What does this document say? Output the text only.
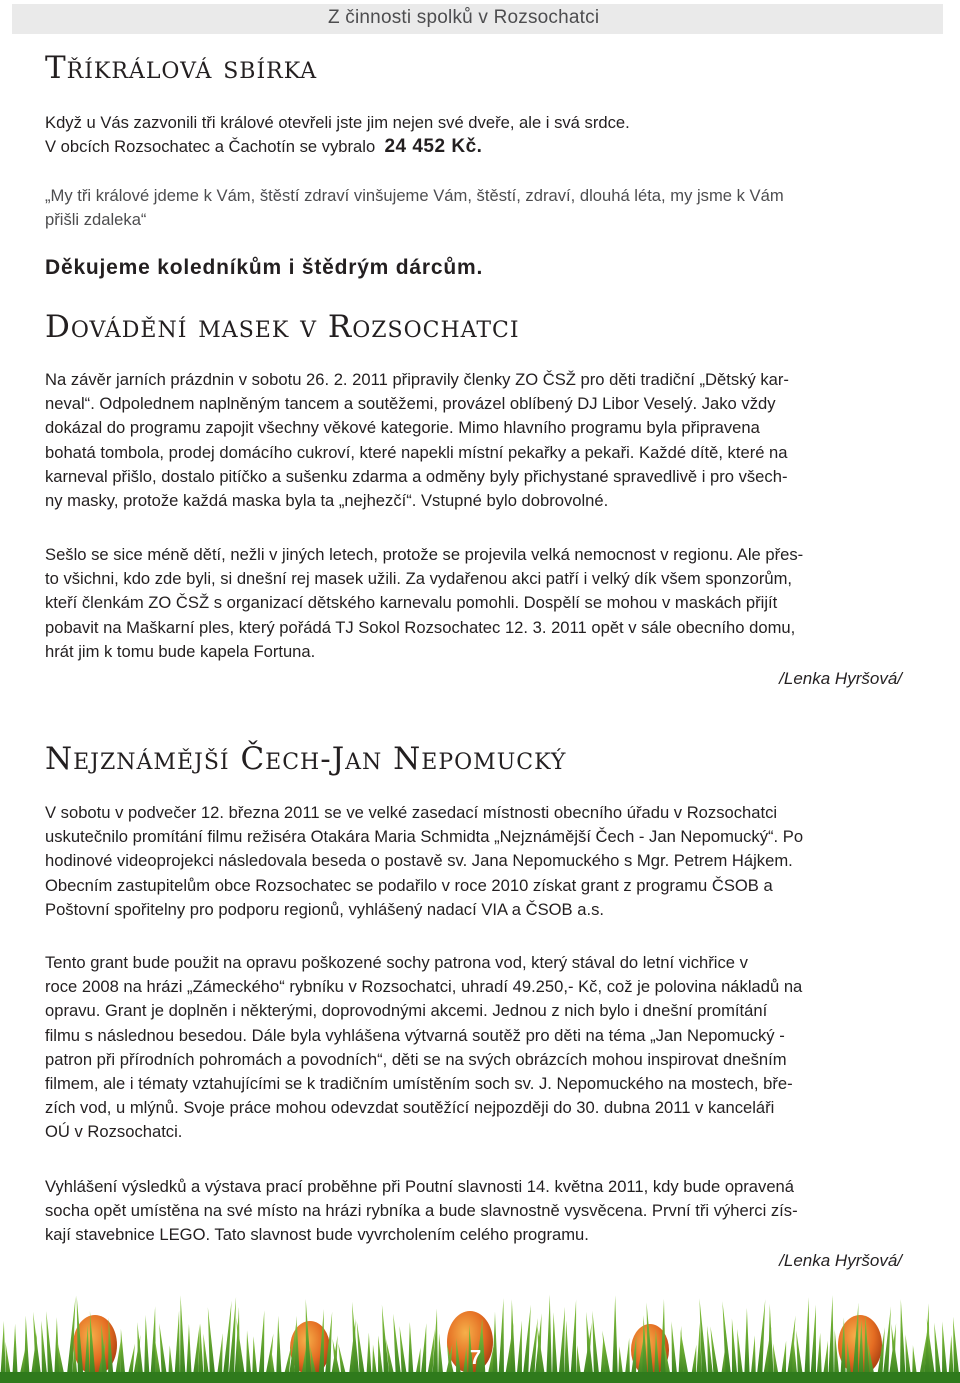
Z činnosti spolků v Rozsochatci
Tříkrálová sbírka
Když u Vás zazvonili tři králové otevřeli jste jim nejen své dveře, ale i svá srdce.
V obcích Rozsochatec a Čachotín se vybralo 24 452 Kč.
„My tři králové jdeme k Vám, štěstí zdraví vinšujeme Vám, štěstí, zdraví, dlouhá léta, my jsme k Vám
přišli zdaleka“
Děkujeme koledníkům i štědrým dárcům.
Dovádění masek v Rozsochatci
Na závěr jarních prázdnin v sobotu 26. 2. 2011 připravily členky ZO ČSŽ pro děti tradiční „Dětský kar-
neval“. Odpolednem naplněným tancem a soutěžemi, provázel oblíbený DJ Libor Veselý. Jako vždy
dokázal do programu zapojit všechny věkové kategorie. Mimo hlavního programu byla připravena
bohatá tombola, prodej domácího cukroví, které napekli místní pekařky a pekaři. Každé dítě, které na
karneval přišlo, dostalo pitíčko a sušenku zdarma a odměny byly přichystané spravedlivě i pro všech-
ny masky, protože každá maska byla ta „nejhezčí“. Vstupné bylo dobrovolné.
Sešlo se sice méně dětí, nežli v jiných letech, protože se projevila velká nemocnost v regionu. Ale přes-
to všichni, kdo zde byli, si dnešní rej masek užili. Za vydařenou akci patří i velký dík všem sponzorům,
kteří členkám ZO ČSŽ s organizací dětského karnevalu pomohli. Dospělí se mohou v maskách přijít
pobavit na Maškarní ples, který pořádá TJ Sokol Rozsochatec 12. 3. 2011 opět v sále obecního domu,
hrát jim k tomu bude kapela Fortuna.
/Lenka Hyršová/
Nejznámější Čech-Jan Nepomucký
V sobotu v podvečer 12. března 2011 se ve velké zasedací místnosti obecního úřadu v Rozsochatci
uskutečnilo promítání filmu režiséra Otakára Maria Schmidta „Nejznámější Čech - Jan Nepomucký“. Po
hodinové videoprojekci následovala beseda o postavě sv. Jana Nepomuckého s Mgr. Petrem Hájkem.
Obecním zastupitelům obce Rozsochatec se podařilo v roce 2010 získat grant z programu ČSOB a
Poštovní spořitelny pro podporu regionů, vyhlášený nadací VIA a ČSOB a.s.
Tento grant bude použit na opravu poškozené sochy patrona vod, který stával do letní vichřice v
roce 2008 na hrázi „Zámeckého“ rybníku v Rozsochatci, uhradí 49.250,- Kč, což je polovina nákladů na
opravu. Grant je doplněn i některými, doprovodnými akcemi. Jednou z nich bylo i dnešní promítání
filmu s následnou besedou. Dále byla vyhlášena výtvarná soutěž pro děti na téma „Jan Nepomucký -
patron při přírodních pohromách a povodních“, děti se na svých obrázcích mohou inspirovat dnešním
filmem, ale i tématy vztahujícími se k tradičním umístěním soch sv. J. Nepomuckého na mostech, bře-
zích vod, u mlýnů. Svoje práce mohou odevzdat soutěžící nejpozději do 30. dubna 2011 v kanceláři
OÚ v Rozsochatci.
Vyhlášení výsledků a výstava prací proběhne při Poutní slavnosti 14. května 2011, kdy bude opravená
socha opět umístěna na své místo na hrázi rybníka a bude slavnostně vysvěcena. První tři výherci zís-
kají stavebnice LEGO. Tato slavnost bude vyvrcholením celého programu.
/Lenka Hyršová/
7
